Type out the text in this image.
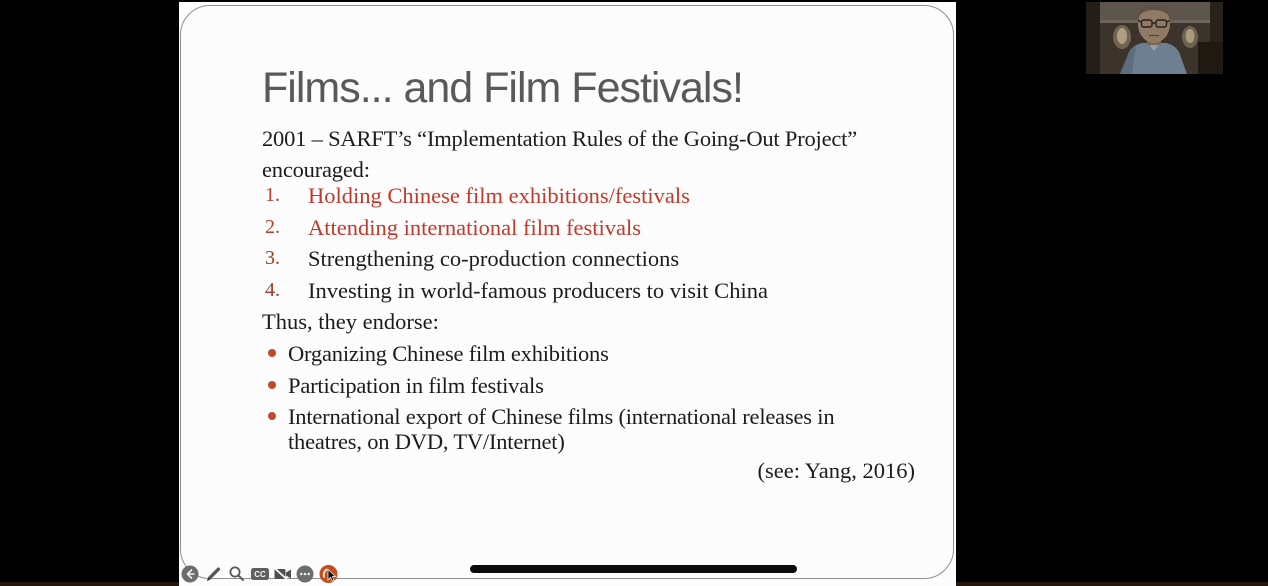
Films... and Film Festivals!
2001 – SARFT’s “Implementation Rules of the Going-Out Project” encouraged:
1.	Holding Chinese film exhibitions/festivals
2.	Attending international film festivals
3.	Strengthening co-production connections
4.	Investing in world-famous producers to visit China
Thus, they endorse:
Organizing Chinese film exhibitions
Participation in film festivals
International export of Chinese films (international releases in theatres, on DVD, TV/Internet)
(see: Yang, 2016)
CC
